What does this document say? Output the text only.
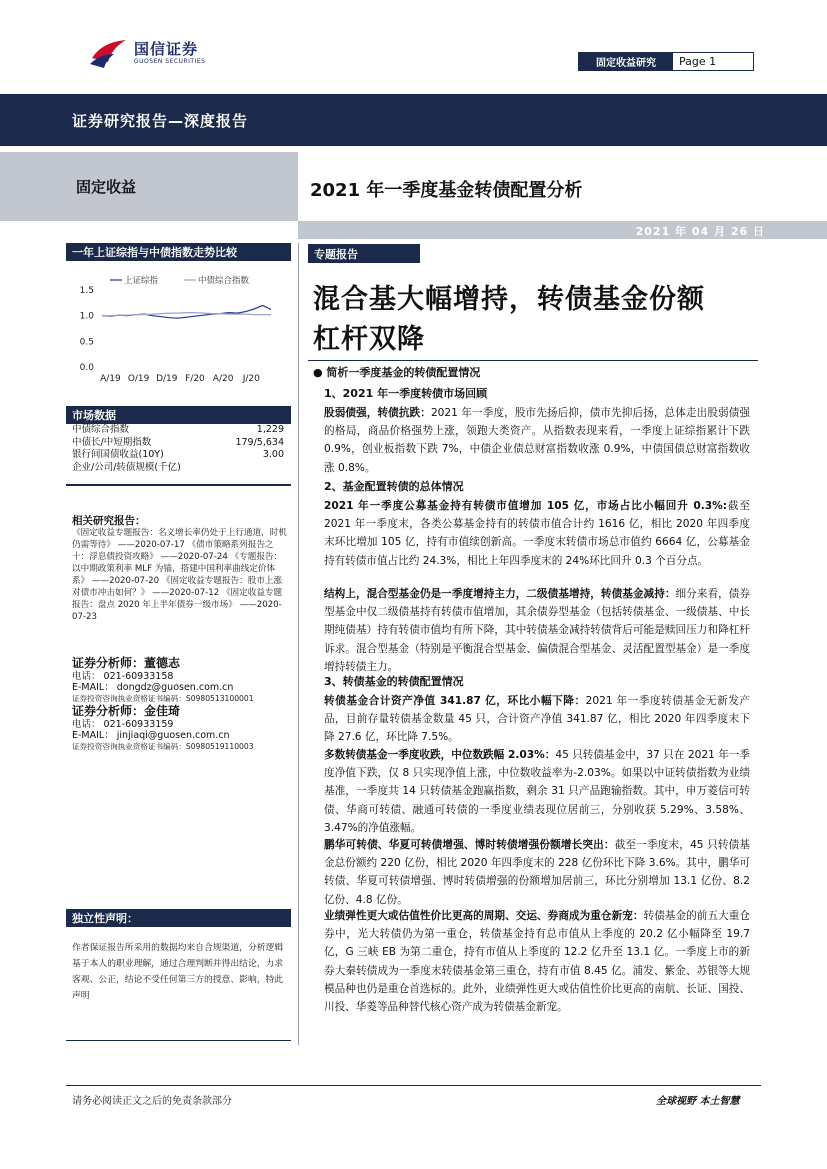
国信证券
GUOSEN SECURITIES	固定收益研究	Page 1
证券研究报告—深度报告
固定收益	2021 年一季度基金转债配置分析
2021 年 04 月 26 日
一年上证综指与中债指数走势比较
1.5
1.0
0.5
0.0
A/19 O/19 D/19 F/20 A/20 J/20
上证综指	中债综合指数
市场数据
中债综合指数	1,229
中债长/中短期指数	179/5,634
银行间国债收益(10Y)	3.00
企业/公司/转债规模(千亿)
相关研究报告：
《固定收益专题报告：名义增长率仍处于上行通道，时机仍需等待》 ——2020-07-17 《债市策略系列报告之十：浮息债投资攻略》 ——2020-07-24 《专题报告：以中期政策利率 MLF 为锚，搭建中国利率曲线定价体系》 ——2020-07-20 《固定收益专题报告：股市上涨对债市冲击如何？》 ——2020-07-12 《固定收益专题报告：盘点 2020 年上半年债券一级市场》 ——2020-07-23
证券分析师：董德志
电话： 021-60933158
E-MAIL： dongdz@guosen.com.cn
证券投资咨询执业资格证书编码：S0980513100001
证券分析师：金佳琦
电话： 021-60933159
E-MAIL： jinjiaqi@guosen.com.cn
证券投资咨询执业资格证书编码：S0980519110003
独立性声明：
作者保证报告所采用的数据均来自合规渠道，分析逻辑基于本人的职业理解，通过合理判断并得出结论，力求客观、公正，结论不受任何第三方的授意、影响，特此声明
专题报告
混合基大幅增持，转债基金份额
杠杆双降
● 简析一季度基金的转债配置情况
1、2021 年一季度转债市场回顾
股弱债强，转债抗跌：2021 年一季度，股市先扬后抑，债市先抑后扬，总体走出股弱债强的格局，商品价格强势上涨，领跑大类资产。从指数表现来看，一季度上证综指累计下跌 0.9%，创业板指数下跌 7%，中债企业债总财富指数收涨 0.9%，中债国债总财富指数收涨 0.8%。
2、基金配置转债的总体情况
2021 年一季度公募基金持有转债市值增加 105 亿，市场占比小幅回升 0.3%:截至 2021 年一季度末，各类公募基金持有的转债市值合计约 1616 亿，相比 2020 年四季度末环比增加 105 亿，持有市值续创新高。一季度末转债市场总市值约 6664 亿，公募基金持有转债市值占比约 24.3%，相比上年四季度末的 24%环比回升 0.3 个百分点。
结构上，混合型基金仍是一季度增持主力，二级债基增持，转债基金减持：细分来看，债券型基金中仅二级债基持有转债市值增加，其余债券型基金（包括转债基金、一级债基、中长期纯债基）持有转债市值均有所下降，其中转债基金减持转债背后可能是赎回压力和降杠杆诉求。混合型基金（特别是平衡混合型基金、偏债混合型基金、灵活配置型基金）是一季度增持转债主力。
3、转债基金的转债配置情况
转债基金合计资产净值 341.87 亿，环比小幅下降：2021 年一季度转债基金无新发产品，目前存量转债基金数量 45 只，合计资产净值 341.87 亿，相比 2020 年四季度末下降 27.6 亿，环比降 7.5%。
多数转债基金一季度收跌，中位数跌幅 2.03%：45 只转债基金中，37 只在 2021 年一季度净值下跌，仅 8 只实现净值上涨，中位数收益率为-2.03%。如果以中证转债指数为业绩基准，一季度共 14 只转债基金跑赢指数，剩余 31 只产品跑输指数。其中，申万菱信可转债、华商可转债、融通可转债的一季度业绩表现位居前三，分别收获 5.29%、3.58%、3.47%的净值涨幅。
鹏华可转债、华夏可转债增强、博时转债增强份额增长突出：截至一季度末，45 只转债基金总份额约 220 亿份，相比 2020 年四季度末的 228 亿份环比下降 3.6%。其中，鹏华可转债、华夏可转债增强、博时转债增强的份额增加居前三，环比分别增加 13.1 亿份、8.2 亿份、4.8 亿份。
业绩弹性更大或估值性价比更高的周期、交运、券商成为重仓新宠：转债基金的前五大重仓券中，光大转债仍为第一重仓，转债基金持有总市值从上季度的 20.2 亿小幅降至 19.7 亿，G 三峡 EB 为第二重仓，持有市值从上季度的 12.2 亿升至 13.1 亿。一季度上市的新券大秦转债成为一季度末转债基金第三重仓，持有市值 8.45 亿。浦发、紫金、苏银等大规模品种也仍是重仓首选标的。此外，业绩弹性更大或估值性价比更高的南航、长证、国投、川投、华菱等品种替代核心资产成为转债基金新宠。
请务必阅读正文之后的免责条款部分	全球视野 本土智慧
